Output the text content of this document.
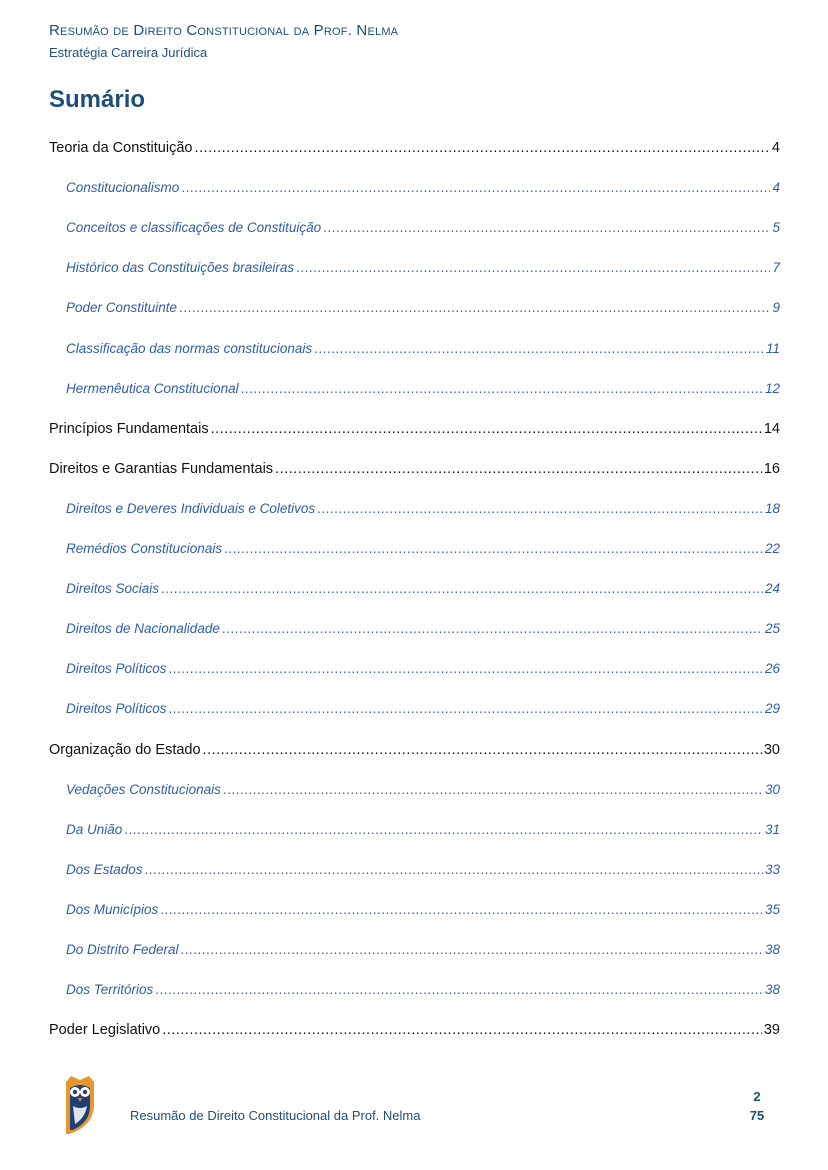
Resumão de Direito Constitucional da Prof. Nelma
Estratégia Carreira Jurídica
Sumário
Teoria da Constituição .....	4
Constitucionalismo .....	4
Conceitos e classificações de Constituição .....	5
Histórico das Constituições brasileiras .....	7
Poder Constituinte .....	9
Classificação das normas constitucionais .....	11
Hermenêutica Constitucional .....	12
Princípios Fundamentais .....	14
Direitos e Garantias Fundamentais .....	16
Direitos e Deveres Individuais e Coletivos .....	18
Remédios Constitucionais .....	22
Direitos Sociais .....	24
Direitos de Nacionalidade .....	25
Direitos Políticos .....	26
Direitos Políticos .....	29
Organização do Estado .....	30
Vedações Constitucionais .....	30
Da União .....	31
Dos Estados .....	33
Dos Municípios .....	35
Do Distrito Federal .....	38
Dos Territórios .....	38
Poder Legislativo .....	39
Resumão de Direito Constitucional da Prof. Nelma
2
75
